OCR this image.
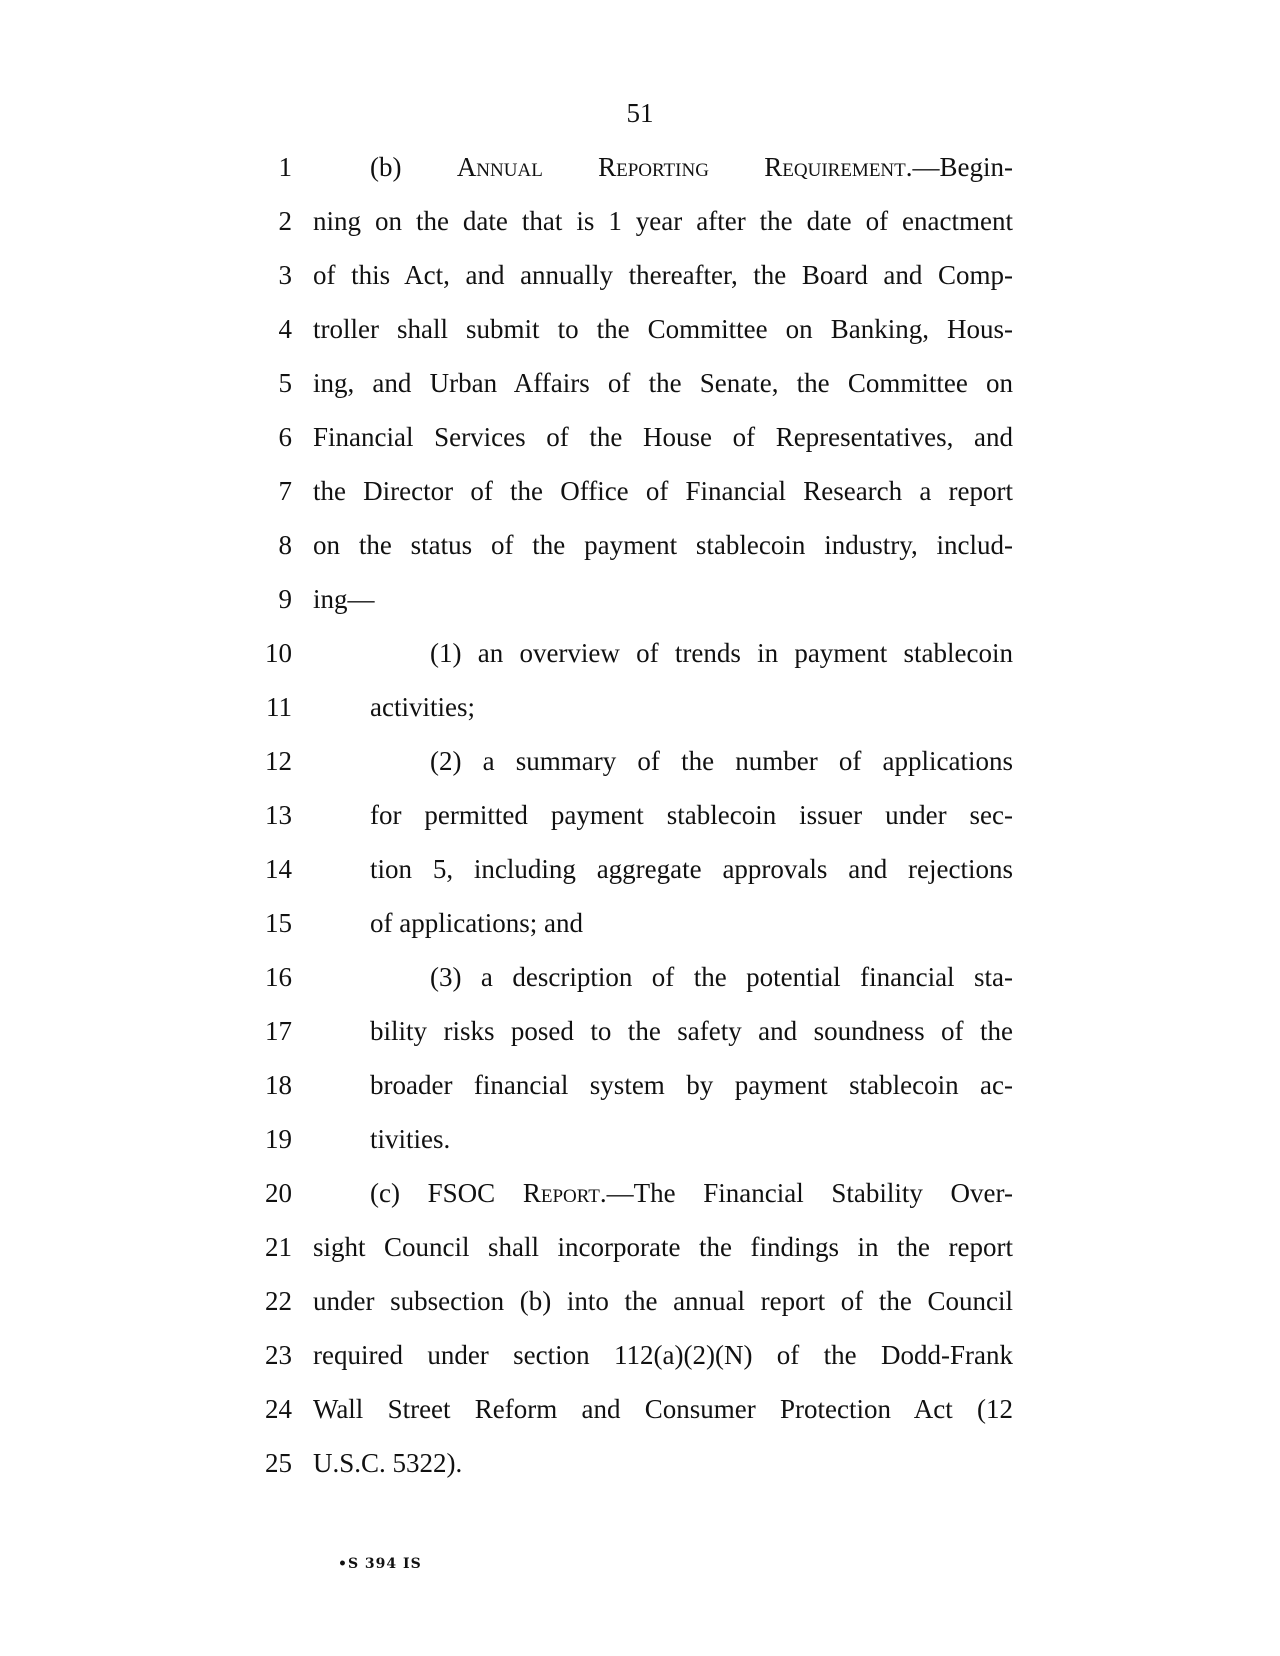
51
1	(b) Annual Reporting Requirement.—Begin-
2 ning on the date that is 1 year after the date of enactment
3 of this Act, and annually thereafter, the Board and Comp-
4 troller shall submit to the Committee on Banking, Hous-
5 ing, and Urban Affairs of the Senate, the Committee on
6 Financial Services of the House of Representatives, and
7 the Director of the Office of Financial Research a report
8 on the status of the payment stablecoin industry, includ-
9 ing—
10	(1) an overview of trends in payment stablecoin
11	activities;
12	(2) a summary of the number of applications
13	for permitted payment stablecoin issuer under sec-
14	tion 5, including aggregate approvals and rejections
15	of applications; and
16	(3) a description of the potential financial sta-
17	bility risks posed to the safety and soundness of the
18	broader financial system by payment stablecoin ac-
19	tivities.
20	(c) FSOC Report.—The Financial Stability Over-
21 sight Council shall incorporate the findings in the report
22 under subsection (b) into the annual report of the Council
23 required under section 112(a)(2)(N) of the Dodd-Frank
24 Wall Street Reform and Consumer Protection Act (12
25 U.S.C. 5322).
•S 394 IS
